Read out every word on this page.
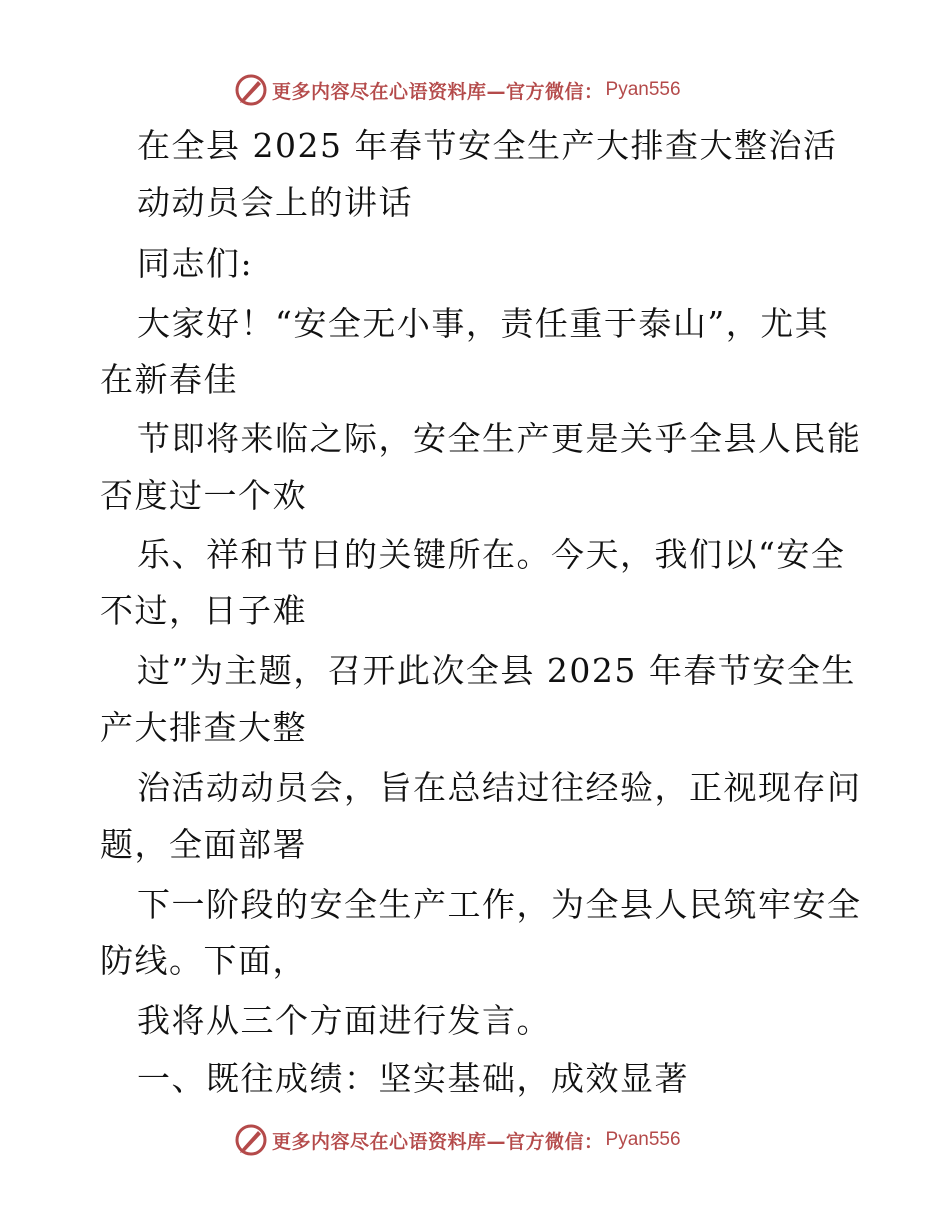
更多内容尽在心语资料库—官方微信： Pyan556
在全县 2025 年春节安全生产大排查大整治活
动动员会上的讲话
同志们:
大家好！“安全无小事，责任重于泰山”，尤其
在新春佳
节即将来临之际，安全生产更是关乎全县人民能
否度过一个欢
乐、祥和节日的关键所在。今天，我们以“安全
不过，日子难
过”为主题，召开此次全县 2025 年春节安全生
产大排查大整
治活动动员会，旨在总结过往经验，正视现存问
题，全面部署
下一阶段的安全生产工作，为全县人民筑牢安全
防线。下面，
我将从三个方面进行发言。
一、既往成绩：坚实基础，成效显著
更多内容尽在心语资料库—官方微信： Pyan556
